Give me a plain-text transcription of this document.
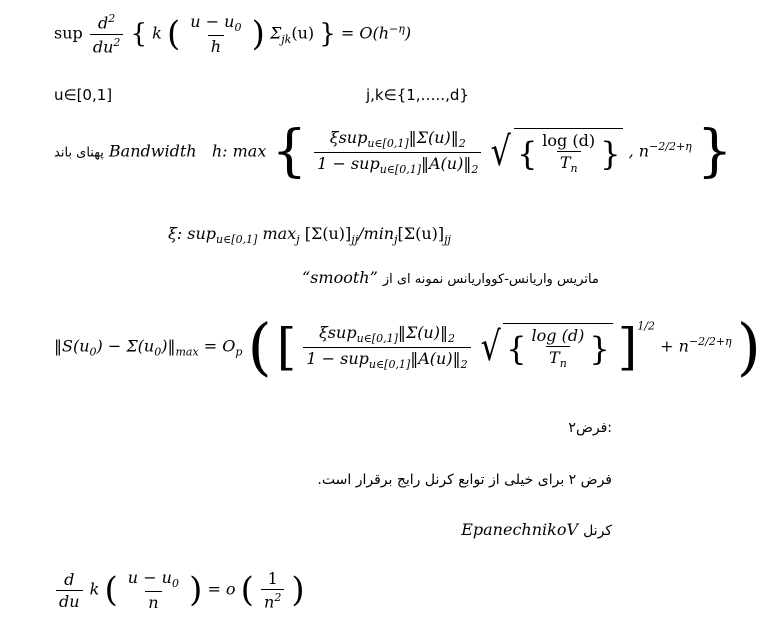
sup $\frac{d^2}{du^2}$ { k ( $\frac{u - u_0}{h}$ ) $\Sigma_{jk}(u)$ } = $O(h^{-\eta})$
u∈[0,1]	j,k∈{1,…..,d}
پهنای باند Bandwidth h: max { $\frac{\xi sup_{u\in[0,1]}‖\Sigma(u)‖_2}{1 - sup_{u\in[0,1]}‖A(u)‖_2}$
√ { $\frac{\log (d)}{T_n}$ } , $n^{-2/2+\eta}$ }
ξ: sup$_{u\in[0,1]}$ $\max_j [\Sigma(u)]_{jj}/\min_j[\Sigma(u)]_{jj}$
“smooth” ماتریس واریانس-کوواریانس نمونه ای از
$‖S(u_0)$ − $\Sigma(u_0)‖_{max} = O_p$ ( [ $\frac{\xi sup_{u\in[0,1]}‖\Sigma(u)‖_2}{1 - sup_{u\in[0,1]}‖A(u)‖_2}$
√ { $\frac{\log (d)}{T_n}$ } ]$^{1/2} + n^{-2/2+\eta}$ )
فرض۲:
فرض ۲ برای خیلی از توابع کرنل رایج برقرار است.
EpanechnikoV کرنل
$\frac{d}{du}$ k ( $\frac{u - u_0}{n}$ ) = o ( $\frac{1}{n^2}$ )
